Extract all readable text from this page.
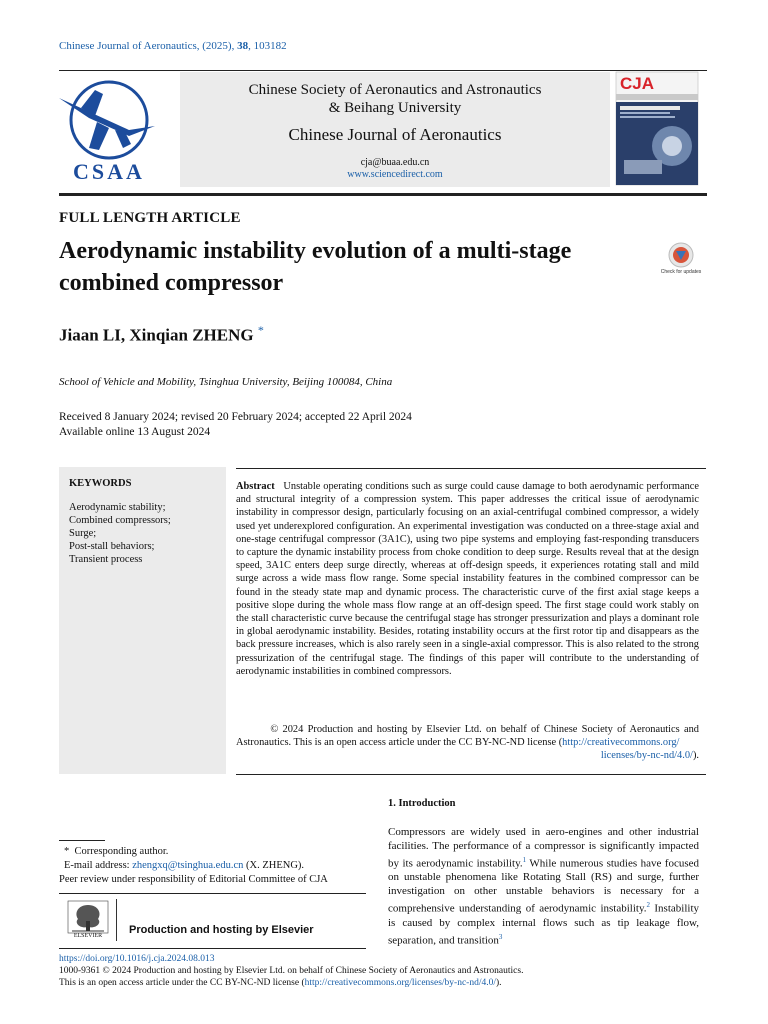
Chinese Journal of Aeronautics, (2025), 38, 103182
CSAA
Chinese Society of Aeronautics and Astronautics
& Beihang University
Chinese Journal of Aeronautics
cja@buaa.edu.cn
www.sciencedirect.com
CJA
FULL LENGTH ARTICLE
Aerodynamic instability evolution of a multi-stage
combined compressor	Check for updates
Jiaan LI, Xinqian ZHENG *
School of Vehicle and Mobility, Tsinghua University, Beijing 100084, China
Received 8 January 2024; revised 20 February 2024; accepted 22 April 2024
Available online 13 August 2024
KEYWORDS
Aerodynamic stability;
Combined compressors;
Surge;
Post-stall behaviors;
Transient process
Abstract Unstable operating conditions such as surge could cause damage to both aerodynamic performance and structural integrity of a compression system. This paper addresses the critical issue of aerodynamic instability in compressor design, particularly focusing on an axial-centrifugal combined compressor, a widely used yet underexplored configuration. An experimental investigation was conducted on a three-stage axial and one-stage centrifugal compressor (3A1C), using two pipe systems and employing fast-responding transducers to capture the dynamic instability process from choke condition to deep surge. Results reveal that at the design speed, 3A1C enters deep surge directly, whereas at off-design speeds, it experiences rotating stall and mild surge across a wide mass flow range. Some special instability features in the combined compressor can be found in the steady state map and dynamic process. The characteristic curve of the first axial stage keeps a positive slope during the whole mass flow range at an off-design speed. The first stage could work stably on the stall characteristic curve because the centrifugal stage has stronger pressurization and plays a dominant role in global aerodynamic instability. Besides, rotating instability occurs at the first rotor tip and disappears as the back pressure increases, which is also rarely seen in a single-axial compressor. This is also related to the strong pressurization of the centrifugal stage. The findings of this paper will contribute to the understanding of aerodynamic instabilities in combined compressors.
© 2024 Production and hosting by Elsevier Ltd. on behalf of Chinese Society of Aeronautics and Astronautics. This is an open access article under the CC BY-NC-ND license (http://creativecommons.org/
licenses/by-nc-nd/4.0/).
1. Introduction
Compressors are widely used in aero-engines and other industrial facilities. The performance of a compressor is significantly impacted by its aerodynamic instability.$^1$ While numerous studies have focused on unstable phenomena like Rotating Stall (RS) and surge, further investigation on other unstable behaviors is necessary for a comprehensive understanding of aerodynamic instability.$^2$ Instability is caused by complex internal flows such as tip leakage flow, separation, and transition$^3$
* Corresponding author.
E-mail address: zhengxq@tsinghua.edu.cn (X. ZHENG).
Peer review under responsibility of Editorial Committee of CJA
ELSEVIER	Production and hosting by Elsevier
https://doi.org/10.1016/j.cja.2024.08.013
1000-9361 © 2024 Production and hosting by Elsevier Ltd. on behalf of Chinese Society of Aeronautics and Astronautics.
This is an open access article under the CC BY-NC-ND license (http://creativecommons.org/licenses/by-nc-nd/4.0/).
